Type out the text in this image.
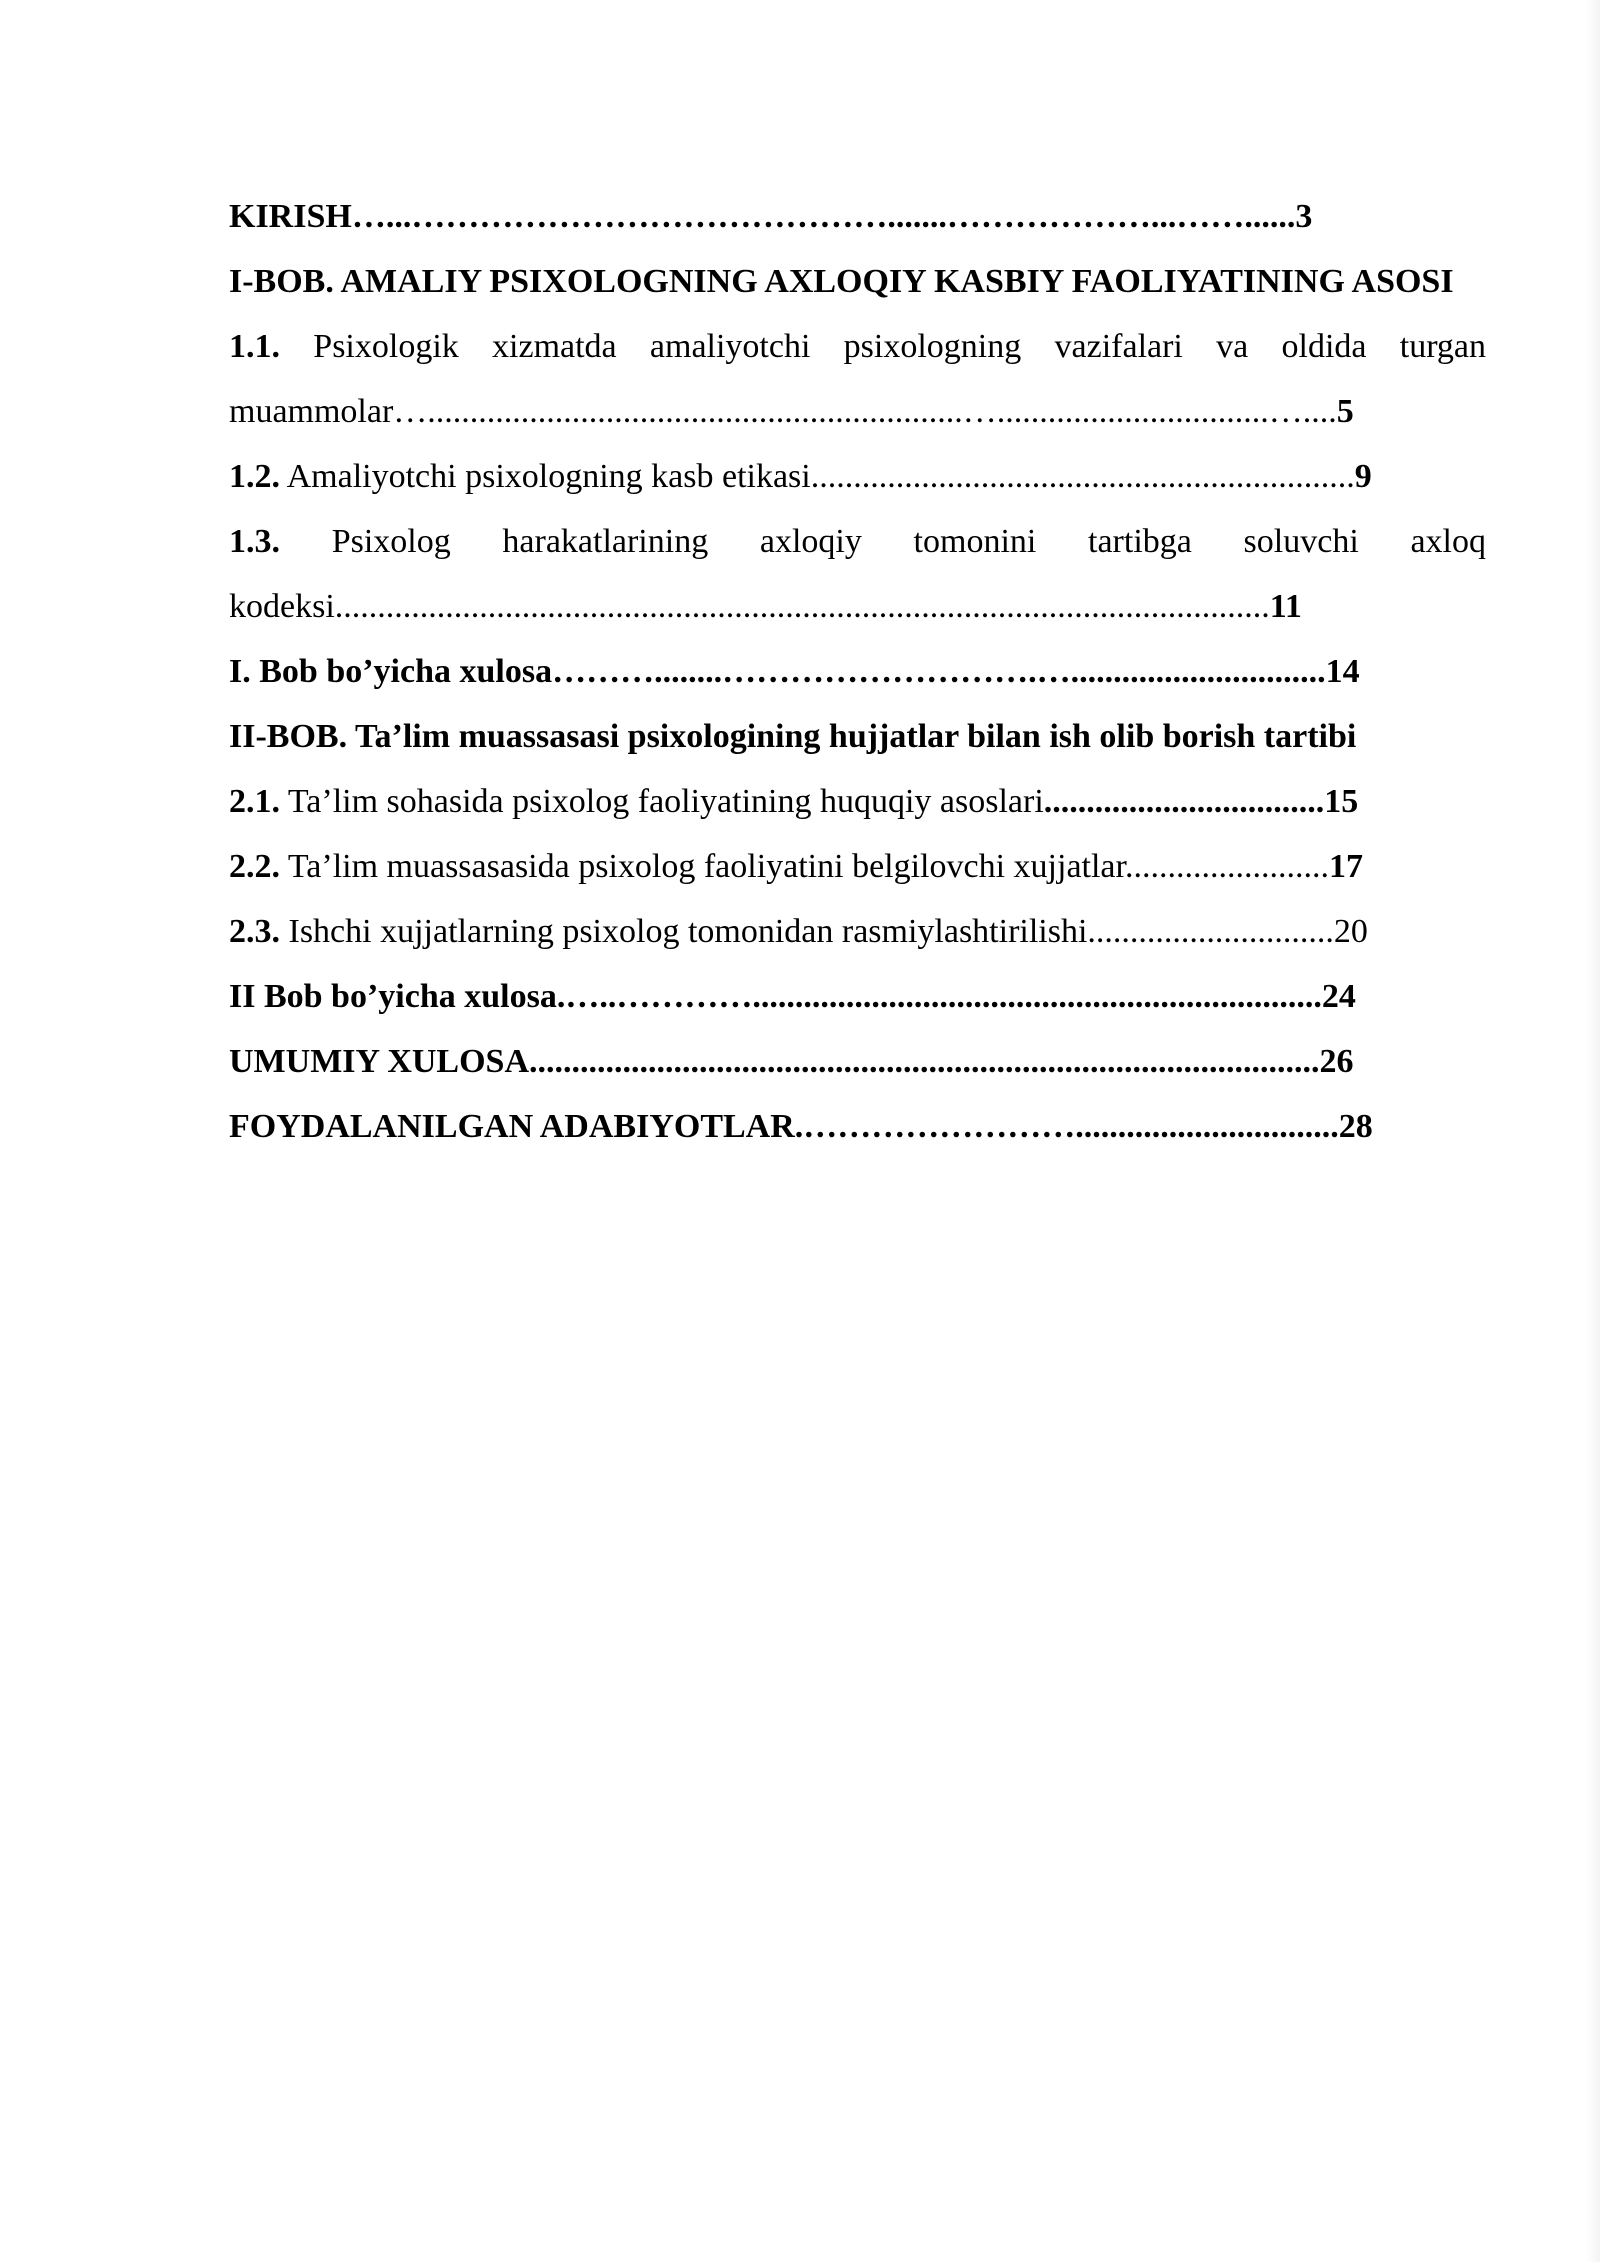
KIRISH…...…………………………………….......………………...……......3
I-BOB. AMALIY PSIXOLOGNING AXLOQIY KASBIY FAOLIYATINING ASOSI
1.1. Psixologik xizmatda amaliyotchi psixologning vazifalari va oldida turgan muammolar…...............................................................…................................…....5
1.2. Amaliyotchi psixologning kasb etikasi................................................................9
1.3. Psixolog harakatlarining axloqiy tomonini tartibga soluvchi axloq kodeksi..............................................................................................................11
I. Bob bo’yicha xulosa………........……………………….…..............................14
II-BOB. Ta’lim muassasasi psixologining hujjatlar bilan ish olib borish tartibi
2.1. Ta’lim sohasida psixolog faoliyatining huquqiy asoslari.................................15
2.2. Ta’lim muassasasida psixolog faoliyatini belgilovchi xujjatlar........................17
2.3. Ishchi xujjatlarning psixolog tomonidan rasmiylashtirilishi.............................20
II Bob bo’yicha xulosa.…..…………...................................................................24
UMUMIY XULOSA.............................................................................................26
FOYDALANILGAN ADABIYOTLAR.……………………...............................28
